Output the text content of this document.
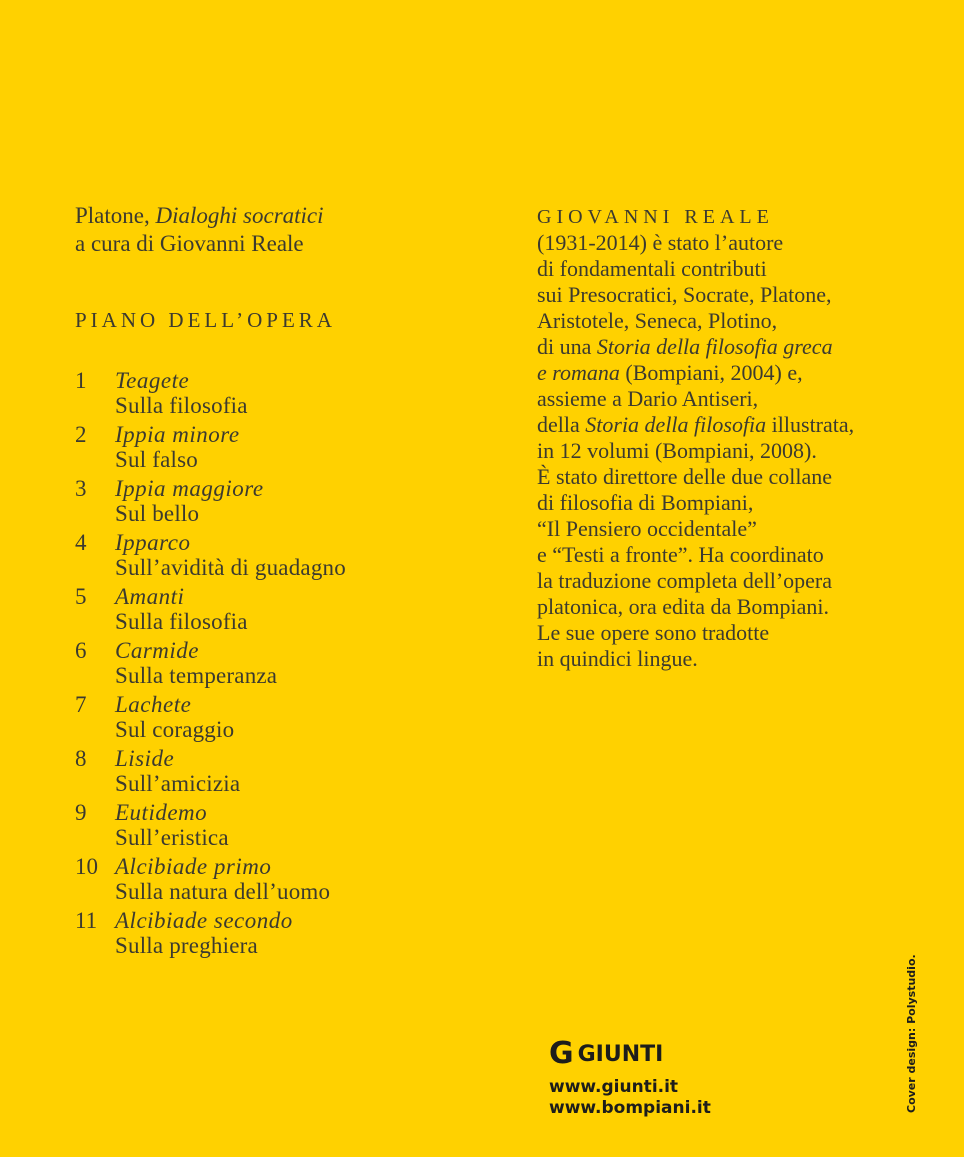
Platone, Dialoghi socratici
a cura di Giovanni Reale

PIANO DELL’OPERA

1	Teagete
Sulla filosofia
2	Ippia minore
Sul falso
3	Ippia maggiore
Sul bello
4	Ipparco
Sull’avidità di guadagno
5	Amanti
Sulla filosofia
6	Carmide
Sulla temperanza
7	Lachete
Sul coraggio
8	Liside
Sull’amicizia
9	Eutidemo
Sull’eristica
10 Alcibiade primo
Sulla natura dell’uomo
11 Alcibiade secondo
Sulla preghiera

GIOVANNI REALE

(1931-2014) è stato l’autore

di fondamentali contributi

sui Presocratici, Socrate, Platone,

Aristotele, Seneca, Plotino,

di una Storia della filosofia greca

e romana (Bompiani, 2004) e,

assieme a Dario Antiseri,

della Storia della filosofia illustrata,

in 12 volumi (Bompiani, 2008).

È stato direttore delle due collane

di filosofia di Bompiani,

“Il Pensiero occidentale”

e “Testi a fronte”. Ha coordinato

la traduzione completa dell’opera

platonica, ora edita da Bompiani.

Le sue opere sono tradotte

in quindici lingue.

G GIUNTI
www.giunti.it
www.bompiani.it	Cover design: Polystudio.
